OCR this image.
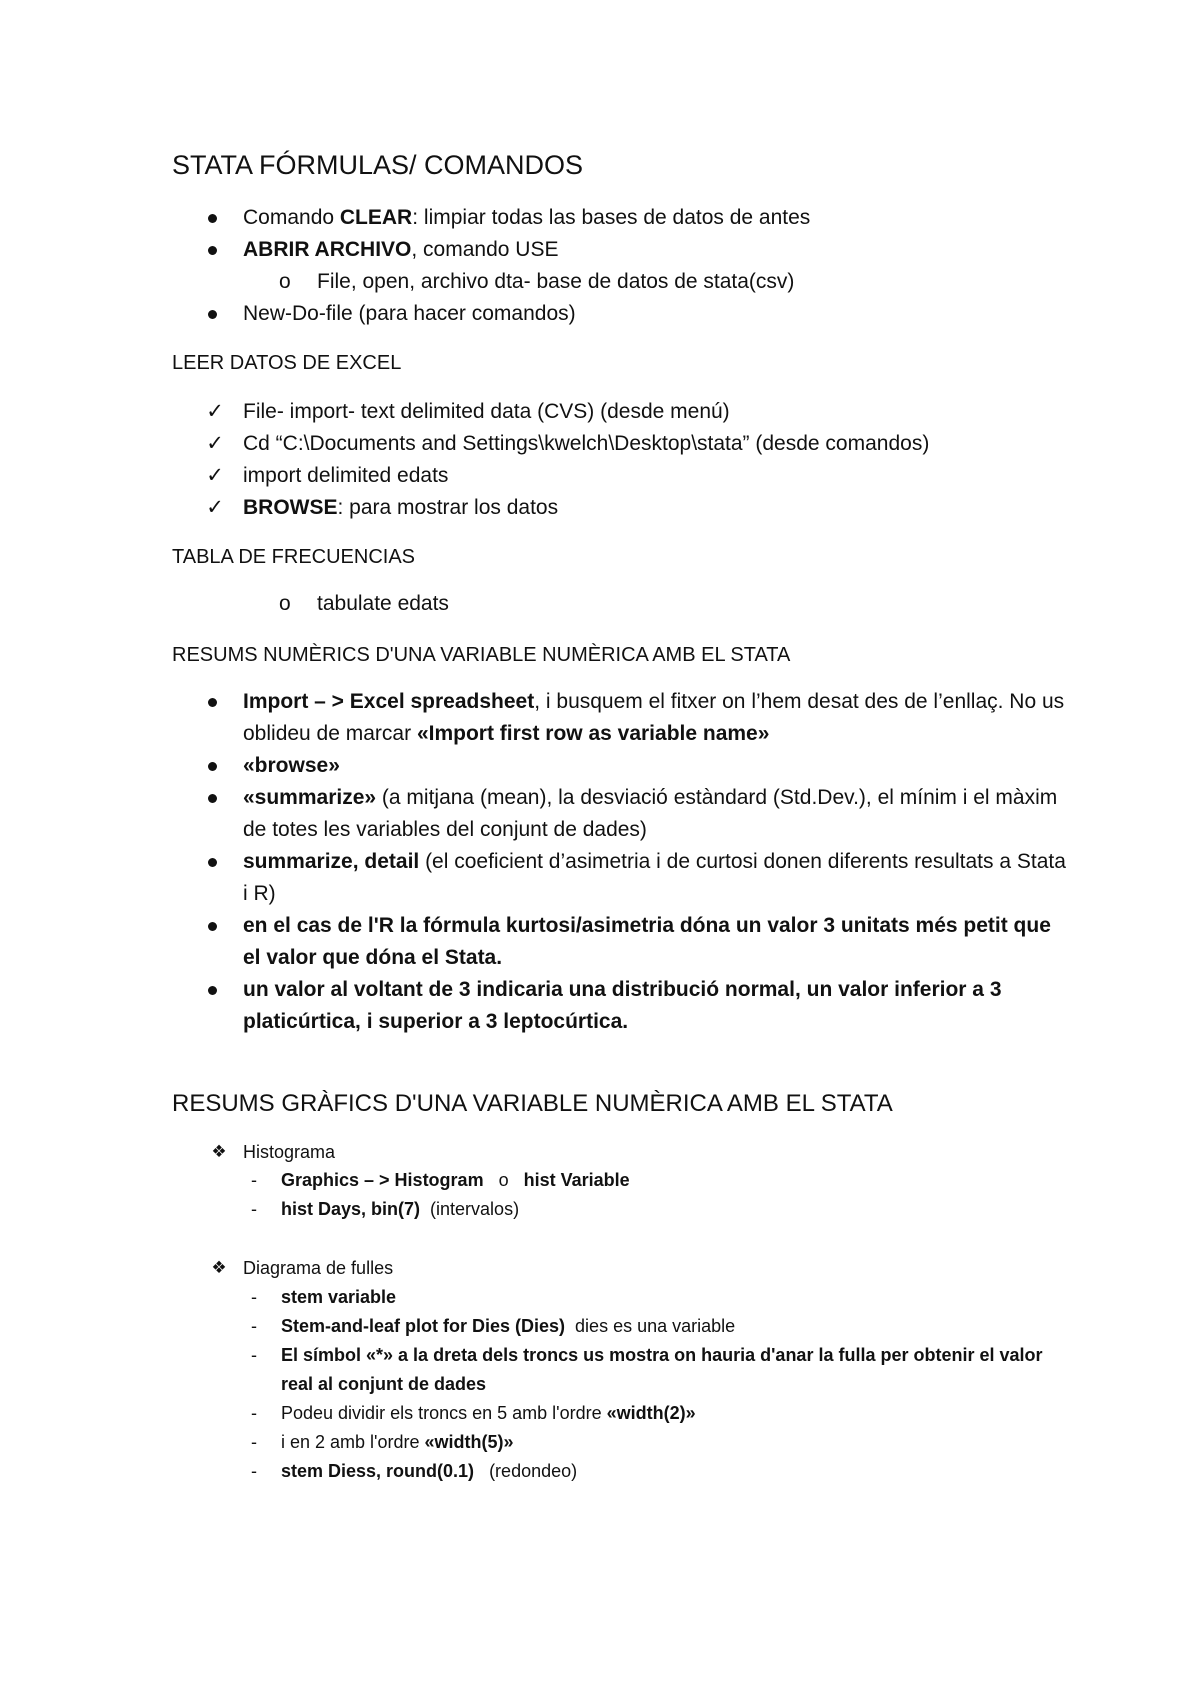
STATA FÓRMULAS/ COMANDOS
Comando CLEAR: limpiar todas las bases de datos de antes
ABRIR ARCHIVO, comando USE
o File, open, archivo dta- base de datos de stata(csv)
New-Do-file (para hacer comandos)
LEER DATOS DE EXCEL
✓ File- import- text delimited data (CVS) (desde menú)
✓ Cd “C:\Documents and Settings\kwelch\Desktop\stata” (desde comandos)
✓ import delimited edats
✓ BROWSE: para mostrar los datos
TABLA DE FRECUENCIAS
o tabulate edats
RESUMS NUMÈRICS D'UNA VARIABLE NUMÈRICA AMB EL STATA
Import – > Excel spreadsheet, i busquem el fitxer on l’hem desat des de l’enllaç. No us oblideu de marcar «Import first row as variable name»
«browse»
«summarize» (a mitjana (mean), la desviació estàndard (Std.Dev.), el mínim i el màxim de totes les variables del conjunt de dades)
summarize, detail (el coeficient d’asimetria i de curtosi donen diferents resultats a Stata i R)
en el cas de l'R la fórmula kurtosi/asimetria dóna un valor 3 unitats més petit que el valor que dóna el Stata.
un valor al voltant de 3 indicaria una distribució normal, un valor inferior a 3 platicúrtica, i superior a 3 leptocúrtica.
RESUMS GRÀFICS D'UNA VARIABLE NUMÈRICA AMB EL STATA
❖ Histograma
- Graphics – > Histogram   o   hist Variable
- hist Days, bin(7)  (intervalos)
❖ Diagrama de fulles
- stem variable
- Stem-and-leaf plot for Dies (Dies)  dies es una variable
- El símbol «*» a la dreta dels troncs us mostra on hauria d'anar la fulla per obtenir el valor real al conjunt de dades
- Podeu dividir els troncs en 5 amb l'ordre «width(2)»
- i en 2 amb l'ordre «width(5)»
- stem Diess, round(0.1)   (redondeo)
